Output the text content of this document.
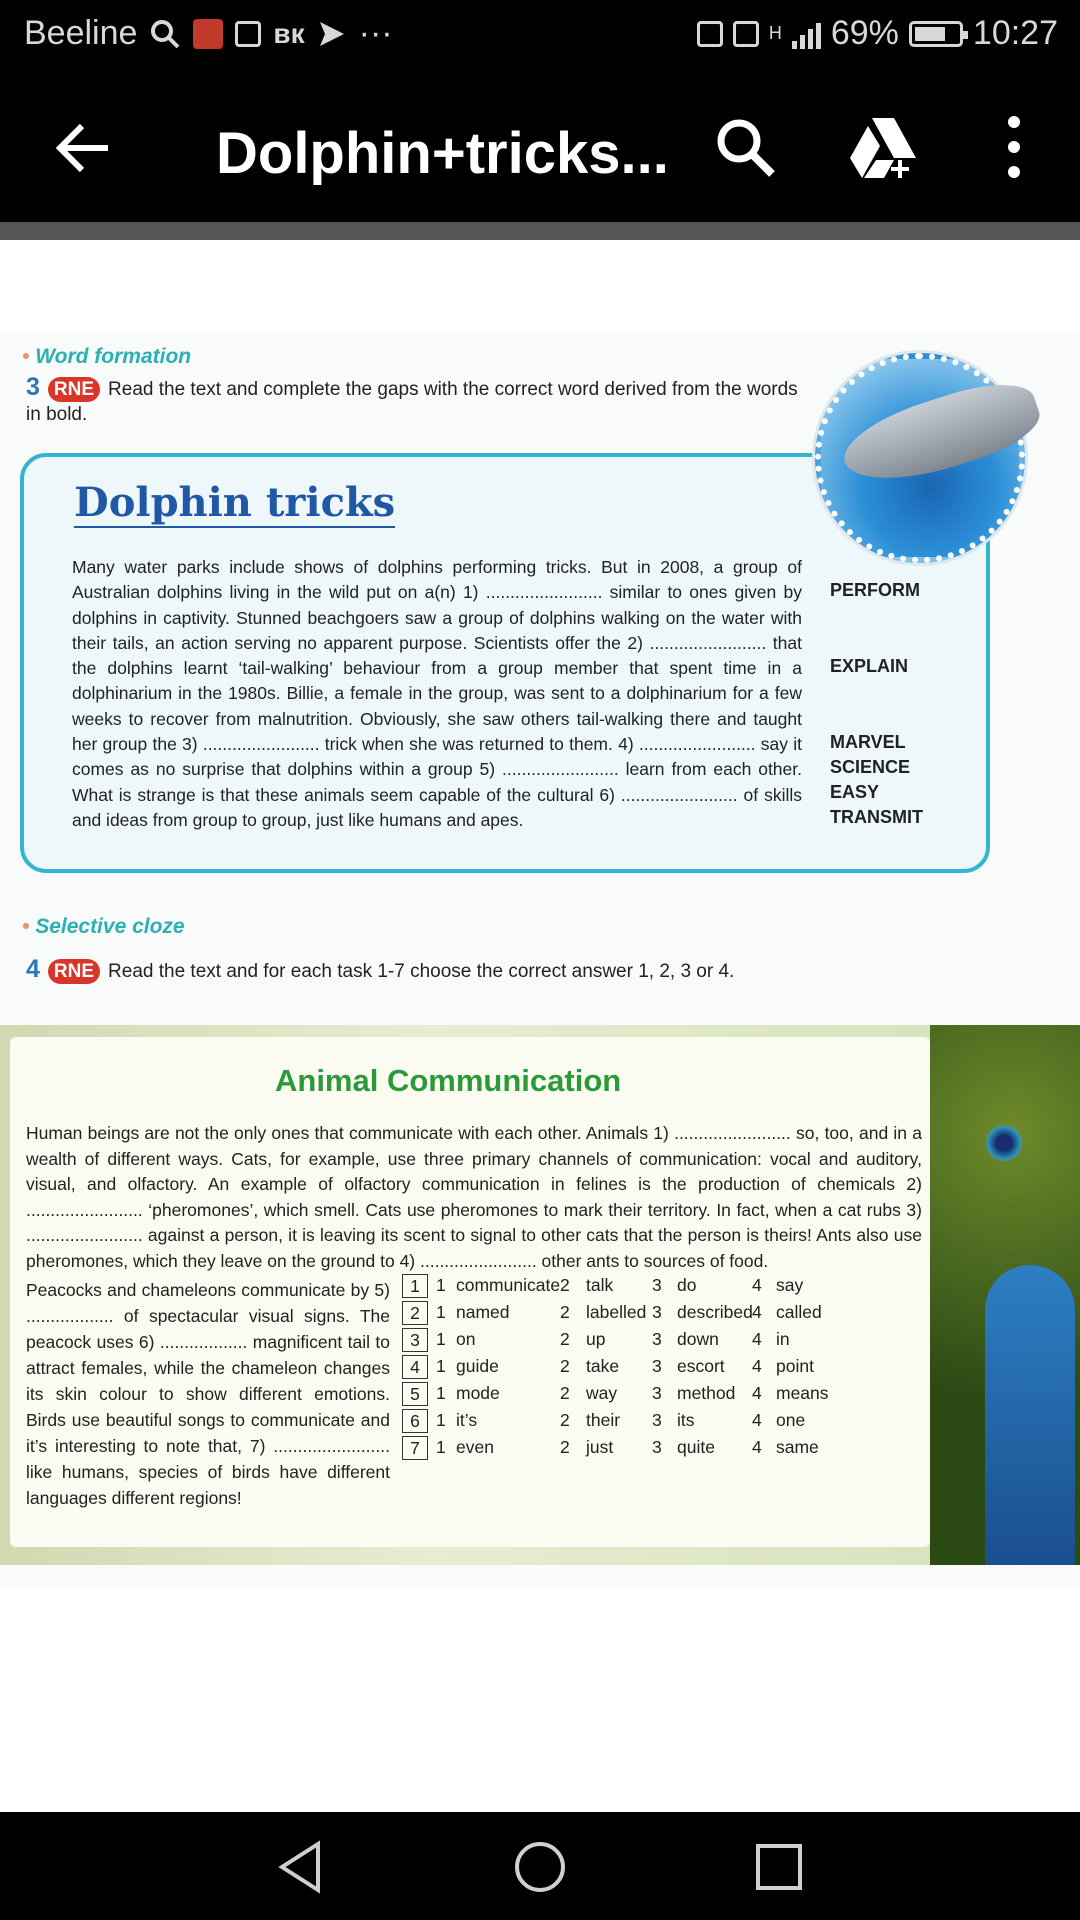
Beeline	вк ···	H 69% 10:27
Dolphin+tricks...
• Word formation
3 RNE Read the text and complete the gaps with the correct word derived from the words in bold.
Dolphin tricks
Many water parks include shows of dolphins performing tricks. But in 2008, a group of Australian dolphins living in the wild put on a(n) 1) ........................ similar to ones given by dolphins in captivity. Stunned beachgoers saw a group of dolphins walking on the water with their tails, an action serving no apparent purpose. Scientists offer the 2) ........................ that the dolphins learnt ‘tail-walking’ behaviour from a group member that spent time in a dolphinarium in the 1980s. Billie, a female in the group, was sent to a dolphinarium for a few weeks to recover from malnutrition. Obviously, she saw others tail-walking there and taught her group the 3) ........................ trick when she was returned to them. 4) ........................ say it comes as no surprise that dolphins within a group 5) ........................ learn from each other. What is strange is that these animals seem capable of the cultural 6) ........................ of skills and ideas from group to group, just like humans and apes.
PERFORM
EXPLAIN
MARVEL
SCIENCE
EASY
TRANSMIT
• Selective cloze
4 RNE Read the text and for each task 1-7 choose the correct answer 1, 2, 3 or 4.
Animal Communication
Human beings are not the only ones that communicate with each other. Animals 1) ........................ so, too, and in a wealth of different ways. Cats, for example, use three primary channels of communication: vocal and auditory, visual, and olfactory. An example of olfactory communication in felines is the production of chemicals 2) ........................ ‘pheromones’, which smell. Cats use pheromones to mark their territory. In fact, when a cat rubs 3) ........................ against a person, it is leaving its scent to signal to other cats that the person is theirs! Ants also use pheromones, which they leave on the ground to 4) ........................ other ants to sources of food.
Peacocks and chameleons communicate by 5) .................. of spectacular visual signs. The peacock uses 6) .................. magnificent tail to attract females, while the chameleon changes its skin colour to show different emotions. Birds use beautiful songs to communicate and it’s interesting to note that, 7) ........................ like humans, species of birds have different languages different regions!
1 1 communicate 2 talk 3 do	4 say
2 1 named	2 labelled 3 described 4 called
3 1 on	2 up	3 down 4 in
4 1 guide	2 take 3 escort 4 point
5 1 mode	2 way 3 method 4 means
6 1 it’s	2 their 3 its	4 one
7 1 even	2 just 3 quite 4 same
